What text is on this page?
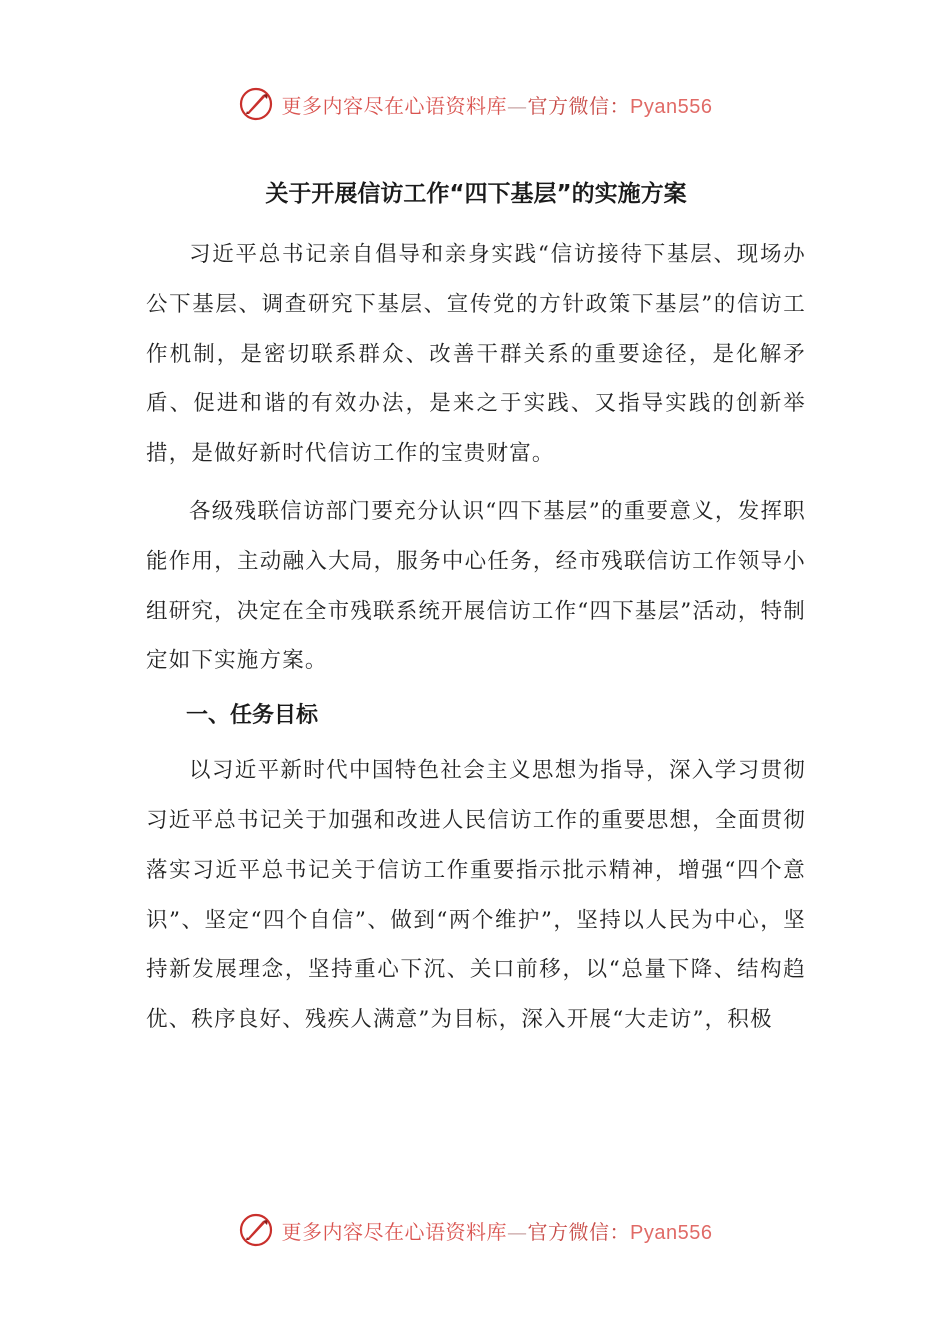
更多内容尽在心语资料库—官方微信：Pyan556
关于开展信访工作“四下基层”的实施方案

习近平总书记亲自倡导和亲身实践“信访接待下基层、现场办公下基层、调查研究下基层、宣传党的方针政策下基层”的信访工作机制，是密切联系群众、改善干群关系的重要途径，是化解矛盾、促进和谐的有效办法，是来之于实践、又指导实践的创新举措，是做好新时代信访工作的宝贵财富。

各级残联信访部门要充分认识“四下基层”的重要意义，发挥职能作用，主动融入大局，服务中心任务，经市残联信访工作领导小组研究，决定在全市残联系统开展信访工作“四下基层”活动，特制定如下实施方案。

一、任务目标

以习近平新时代中国特色社会主义思想为指导，深入学习贯彻习近平总书记关于加强和改进人民信访工作的重要思想，全面贯彻落实习近平总书记关于信访工作重要指示批示精神，增强“四个意识”、坚定“四个自信”、做到“两个维护”，坚持以人民为中心，坚持新发展理念，坚持重心下沉、关口前移，以“总量下降、结构趋优、秩序良好、残疾人满意”为目标，深入开展“大走访”，积极

更多内容尽在心语资料库—官方微信：Pyan556
